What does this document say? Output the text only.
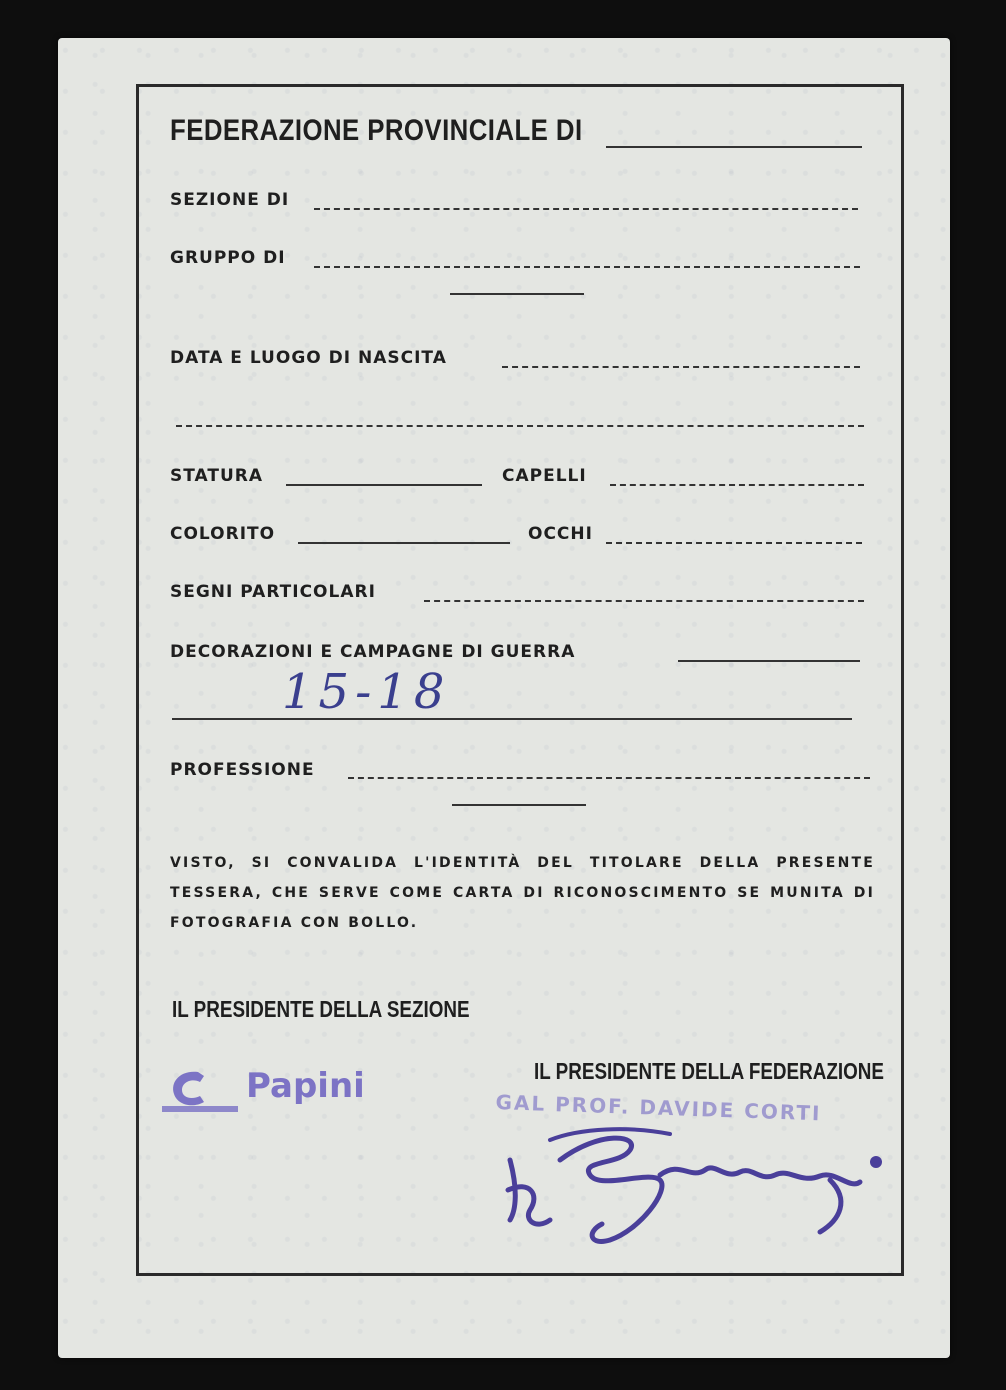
FEDERAZIONE PROVINCIALE DI
SEZIONE DI
GRUPPO DI
DATA E LUOGO DI NASCITA
STATURA	CAPELLI
COLORITO	OCCHI
SEGNI PARTICOLARI
DECORAZIONI E CAMPAGNE DI GUERRA
15-18
PROFESSIONE
VISTO, SI CONVALIDA L'IDENTITÀ DEL TITOLARE DELLA PRESENTE TESSERA, CHE SERVE COME CARTA DI RICONOSCIMENTO SE MUNITA DI FOTOGRAFIA CON BOLLO.
IL PRESIDENTE DELLA SEZIONE
Papini	IL PRESIDENTE DELLA FEDERAZIONE
GAL PROF. DAVIDE CORTI
